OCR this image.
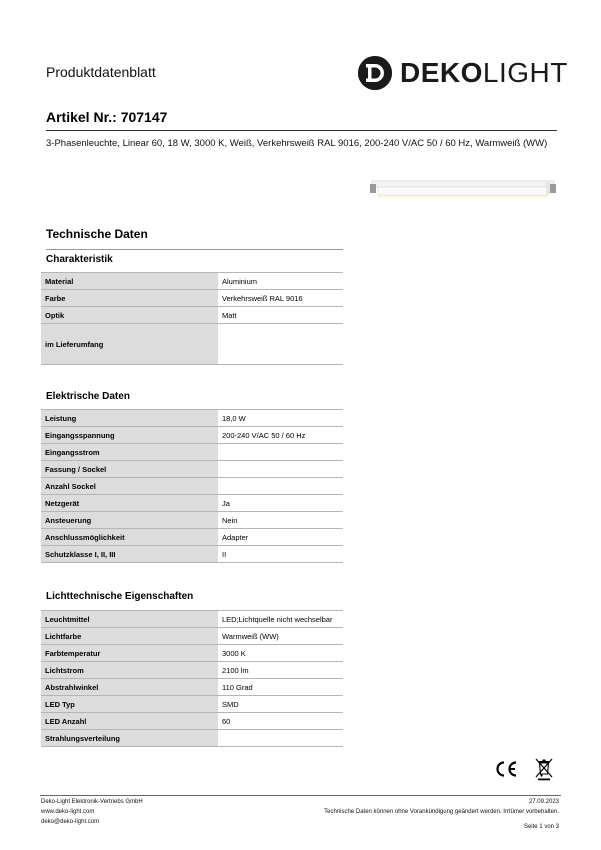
Produktdatenblatt	DEKOLIGHT
Artikel Nr.: 707147
3-Phasenleuchte, Linear 60, 18 W, 3000 K, Weiß, Verkehrsweiß RAL 9016, 200-240 V/AC 50 / 60 Hz, Warmweiß (WW)
Technische Daten
Charakteristik
Material	Aluminium
Farbe	Verkehrsweiß RAL 9016
Optik	Matt
im Lieferumfang	
Elektrische Daten
Leistung	18,0 W
Eingangsspannung	200-240 V/AC 50 / 60 Hz
Eingangsstrom	
Fassung / Sockel	
Anzahl Sockel	
Netzgerät	Ja
Ansteuerung	Nein
Anschlussmöglichkeit	Adapter
Schutzklasse I, II, III	II
Lichttechnische Eigenschaften
Leuchtmittel	LED;Lichtquelle nicht wechselbar
Lichtfarbe	Warmweiß (WW)
Farbtemperatur	3000 K
Lichtstrom	2100 lm
Abstrahlwinkel	110 Grad
LED Typ	SMD
LED Anzahl	60
Strahlungsverteilung	
Deko-Light Elektronik-Vertriebs GmbH
www.deko-light.com
deko@deko-light.com
27.09.2023
Technische Daten können ohne Vorankündigung geändert werden. Irrtümer vorbehalten.
Seite 1 von 3
